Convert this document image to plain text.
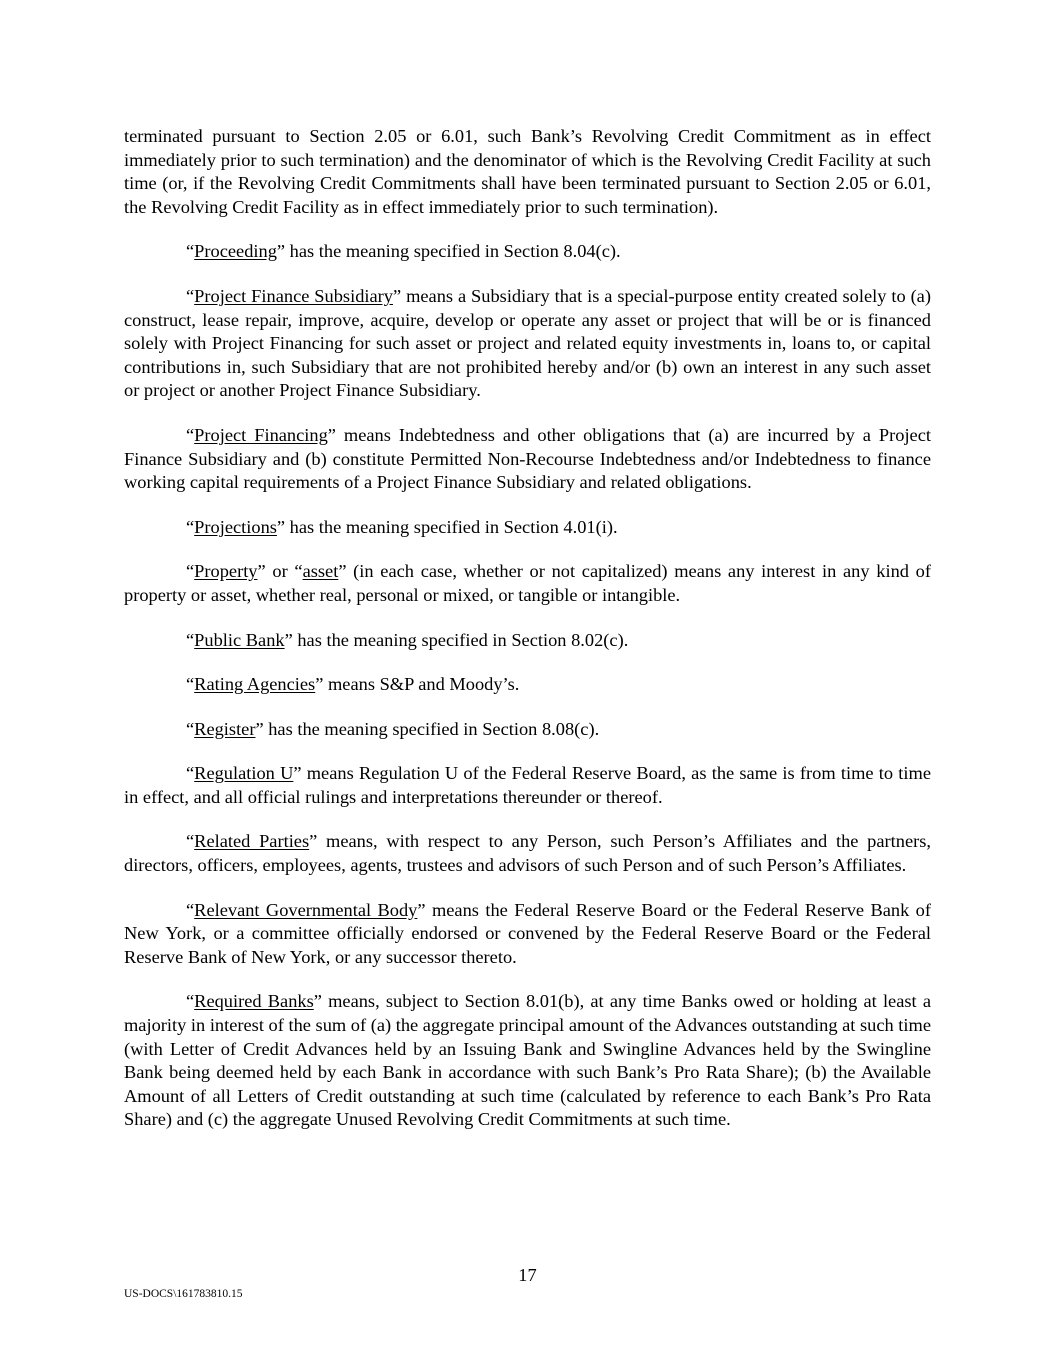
terminated pursuant to Section 2.05 or 6.01, such Bank’s Revolving Credit Commitment as in effect immediately prior to such termination) and the denominator of which is the Revolving Credit Facility at such time (or, if the Revolving Credit Commitments shall have been terminated pursuant to Section 2.05 or 6.01, the Revolving Credit Facility as in effect immediately prior to such termination).

“Proceeding” has the meaning specified in Section 8.04(c).

“Project Finance Subsidiary” means a Subsidiary that is a special-purpose entity created solely to (a) construct, lease repair, improve, acquire, develop or operate any asset or project that will be or is financed solely with Project Financing for such asset or project and related equity investments in, loans to, or capital contributions in, such Subsidiary that are not prohibited hereby and/or (b) own an interest in any such asset or project or another Project Finance Subsidiary.

“Project Financing” means Indebtedness and other obligations that (a) are incurred by a Project Finance Subsidiary and (b) constitute Permitted Non-Recourse Indebtedness and/or Indebtedness to finance working capital requirements of a Project Finance Subsidiary and related obligations.

“Projections” has the meaning specified in Section 4.01(i).

“Property” or “asset” (in each case, whether or not capitalized) means any interest in any kind of property or asset, whether real, personal or mixed, or tangible or intangible.

“Public Bank” has the meaning specified in Section 8.02(c).

“Rating Agencies” means S&P and Moody’s.

“Register” has the meaning specified in Section 8.08(c).

“Regulation U” means Regulation U of the Federal Reserve Board, as the same is from time to time in effect, and all official rulings and interpretations thereunder or thereof.

“Related Parties” means, with respect to any Person, such Person’s Affiliates and the partners, directors, officers, employees, agents, trustees and advisors of such Person and of such Person’s Affiliates.

“Relevant Governmental Body” means the Federal Reserve Board or the Federal Reserve Bank of New York, or a committee officially endorsed or convened by the Federal Reserve Board or the Federal Reserve Bank of New York, or any successor thereto.

“Required Banks” means, subject to Section 8.01(b), at any time Banks owed or holding at least a majority in interest of the sum of (a) the aggregate principal amount of the Advances outstanding at such time (with Letter of Credit Advances held by an Issuing Bank and Swingline Advances held by the Swingline Bank being deemed held by each Bank in accordance with such Bank’s Pro Rata Share); (b) the Available Amount of all Letters of Credit outstanding at such time (calculated by reference to each Bank’s Pro Rata Share) and (c) the aggregate Unused Revolving Credit Commitments at such time.

17
US-DOCS\161783810.15
